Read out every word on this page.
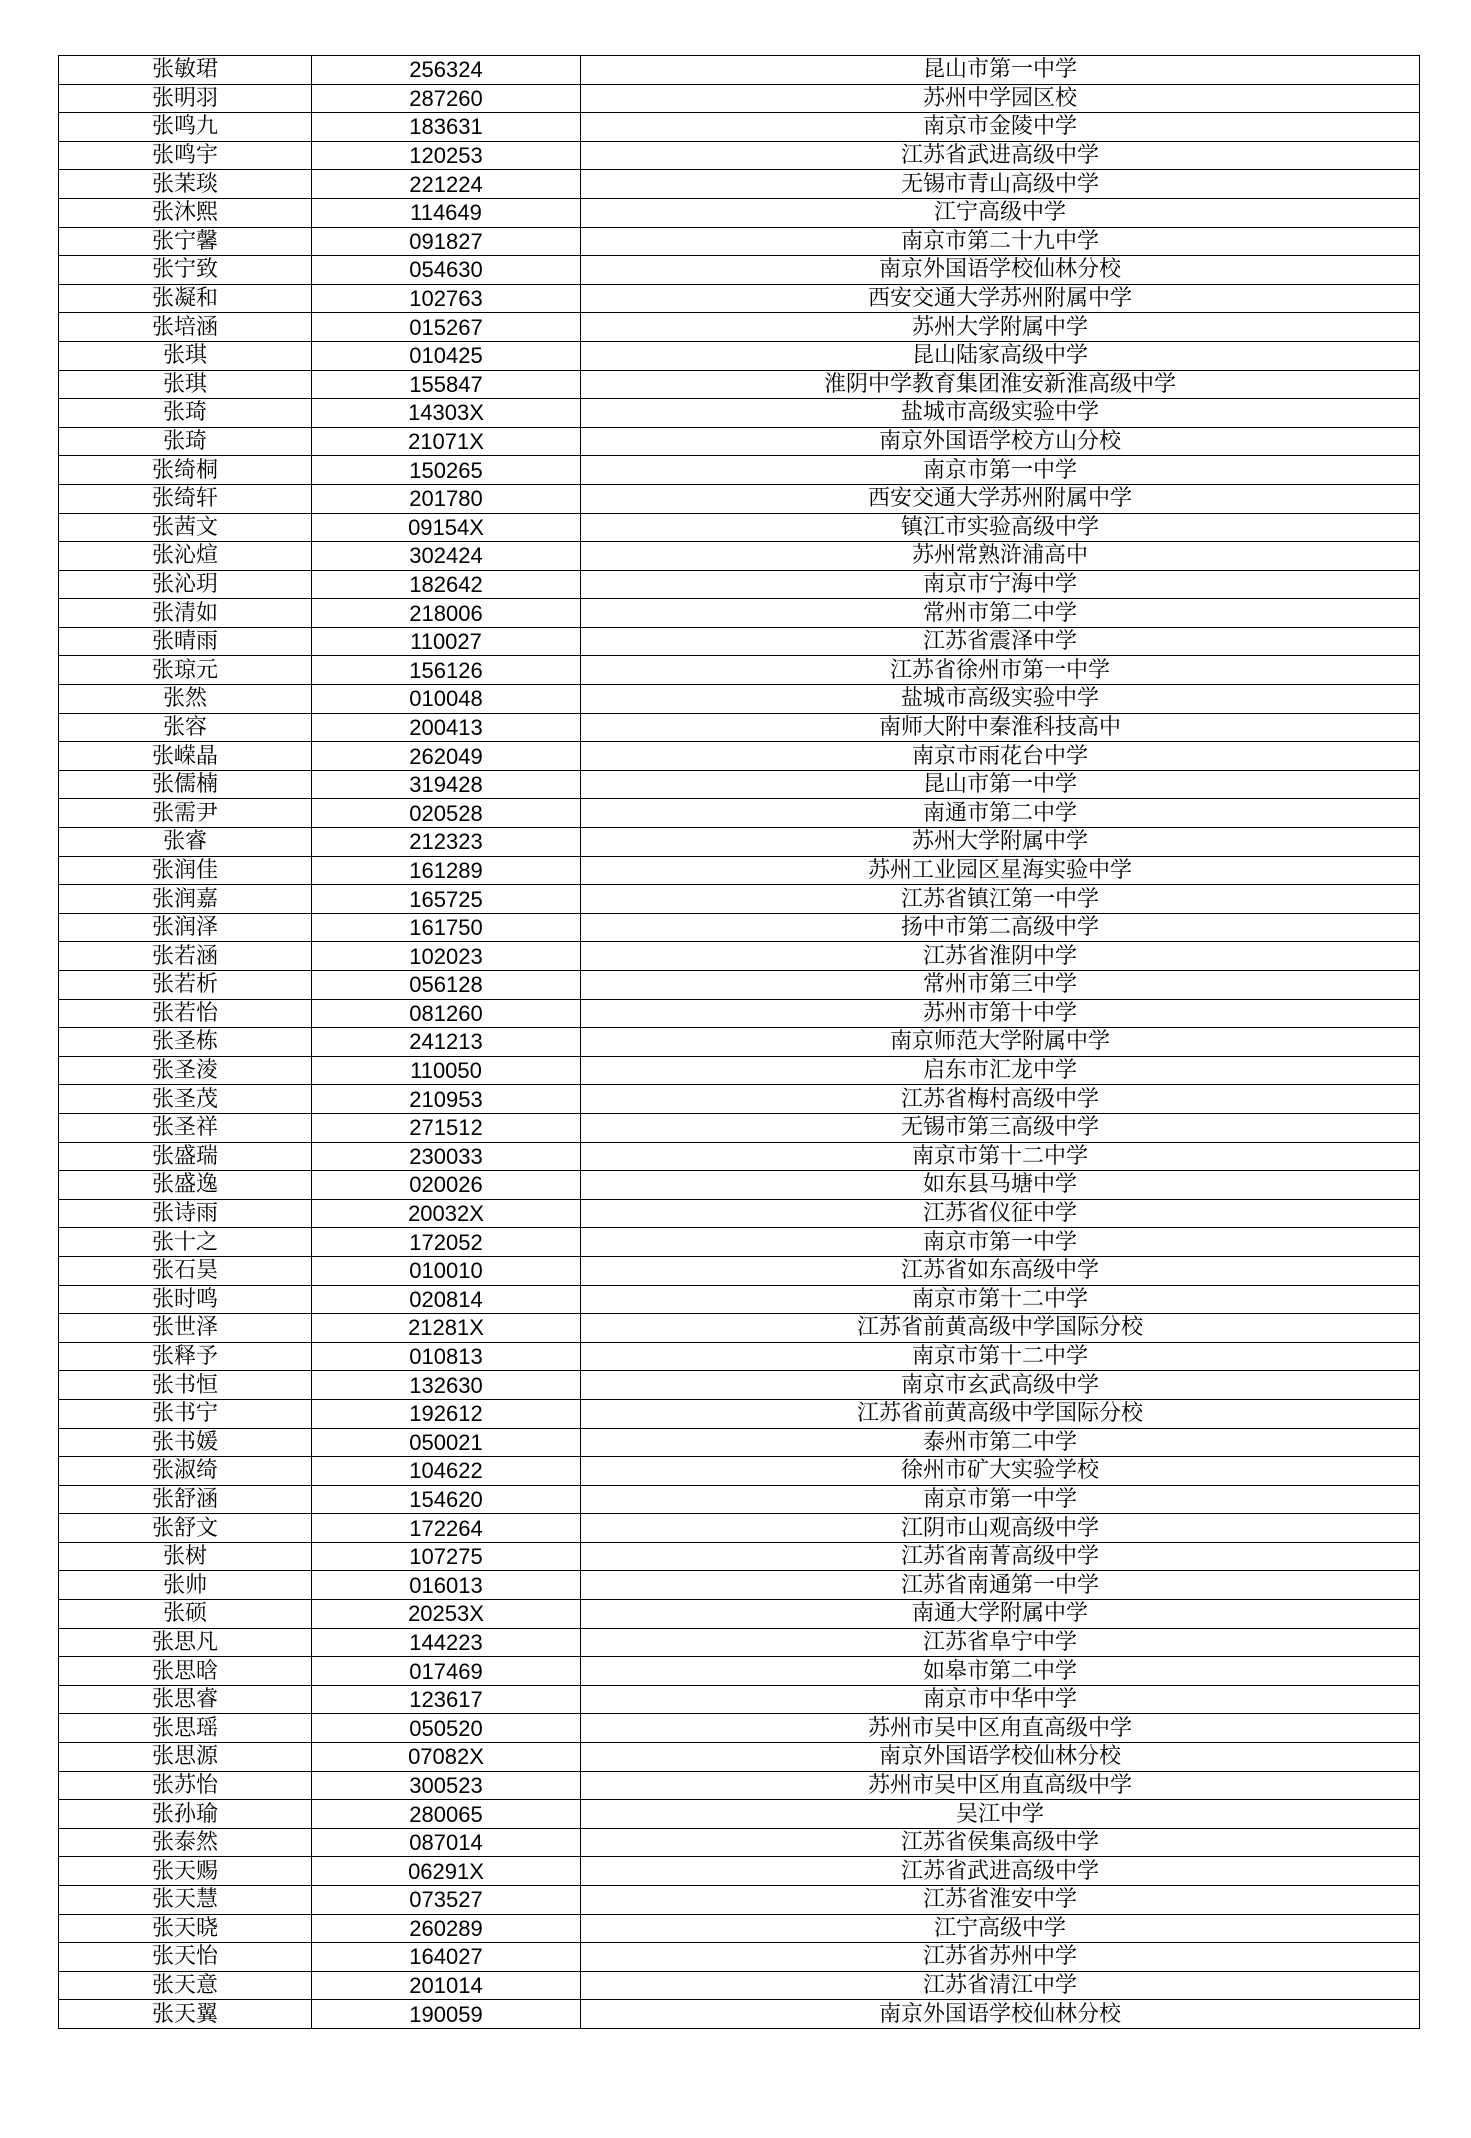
张敏珺	256324	昆山市第一中学
张明羽	287260	苏州中学园区校
张鸣九	183631	南京市金陵中学
张鸣宇	120253	江苏省武进高级中学
张茉琰	221224	无锡市青山高级中学
张沐熙	114649	江宁高级中学
张宁馨	091827	南京市第二十九中学
张宁致	054630	南京外国语学校仙林分校
张凝和	102763	西安交通大学苏州附属中学
张培涵	015267	苏州大学附属中学
张琪	010425	昆山陆家高级中学
张琪	155847	淮阴中学教育集团淮安新淮高级中学
张琦	14303X	盐城市高级实验中学
张琦	21071X	南京外国语学校方山分校
张绮桐	150265	南京市第一中学
张绮轩	201780	西安交通大学苏州附属中学
张茜文	09154X	镇江市实验高级中学
张沁煊	302424	苏州常熟浒浦高中
张沁玥	182642	南京市宁海中学
张清如	218006	常州市第二中学
张晴雨	110027	江苏省震泽中学
张琼元	156126	江苏省徐州市第一中学
张然	010048	盐城市高级实验中学
张容	200413	南师大附中秦淮科技高中
张嵘晶	262049	南京市雨花台中学
张儒楠	319428	昆山市第一中学
张需尹	020528	南通市第二中学
张睿	212323	苏州大学附属中学
张润佳	161289	苏州工业园区星海实验中学
张润嘉	165725	江苏省镇江第一中学
张润泽	161750	扬中市第二高级中学
张若涵	102023	江苏省淮阴中学
张若析	056128	常州市第三中学
张若怡	081260	苏州市第十中学
张圣栋	241213	南京师范大学附属中学
张圣淩	110050	启东市汇龙中学
张圣茂	210953	江苏省梅村高级中学
张圣祥	271512	无锡市第三高级中学
张盛瑞	230033	南京市第十二中学
张盛逸	020026	如东县马塘中学
张诗雨	20032X	江苏省仪征中学
张十之	172052	南京市第一中学
张石昊	010010	江苏省如东高级中学
张时鸣	020814	南京市第十二中学
张世泽	21281X	江苏省前黄高级中学国际分校
张释予	010813	南京市第十二中学
张书恒	132630	南京市玄武高级中学
张书宁	192612	江苏省前黄高级中学国际分校
张书媛	050021	泰州市第二中学
张淑绮	104622	徐州市矿大实验学校
张舒涵	154620	南京市第一中学
张舒文	172264	江阴市山观高级中学
张树	107275	江苏省南菁高级中学
张帅	016013	江苏省南通第一中学
张硕	20253X	南通大学附属中学
张思凡	144223	江苏省阜宁中学
张思晗	017469	如皋市第二中学
张思睿	123617	南京市中华中学
张思瑶	050520	苏州市吴中区甪直高级中学
张思源	07082X	南京外国语学校仙林分校
张苏怡	300523	苏州市吴中区甪直高级中学
张孙瑜	280065	吴江中学
张泰然	087014	江苏省侯集高级中学
张天赐	06291X	江苏省武进高级中学
张天慧	073527	江苏省淮安中学
张天晓	260289	江宁高级中学
张天怡	164027	江苏省苏州中学
张天意	201014	江苏省清江中学
张天翼	190059	南京外国语学校仙林分校
